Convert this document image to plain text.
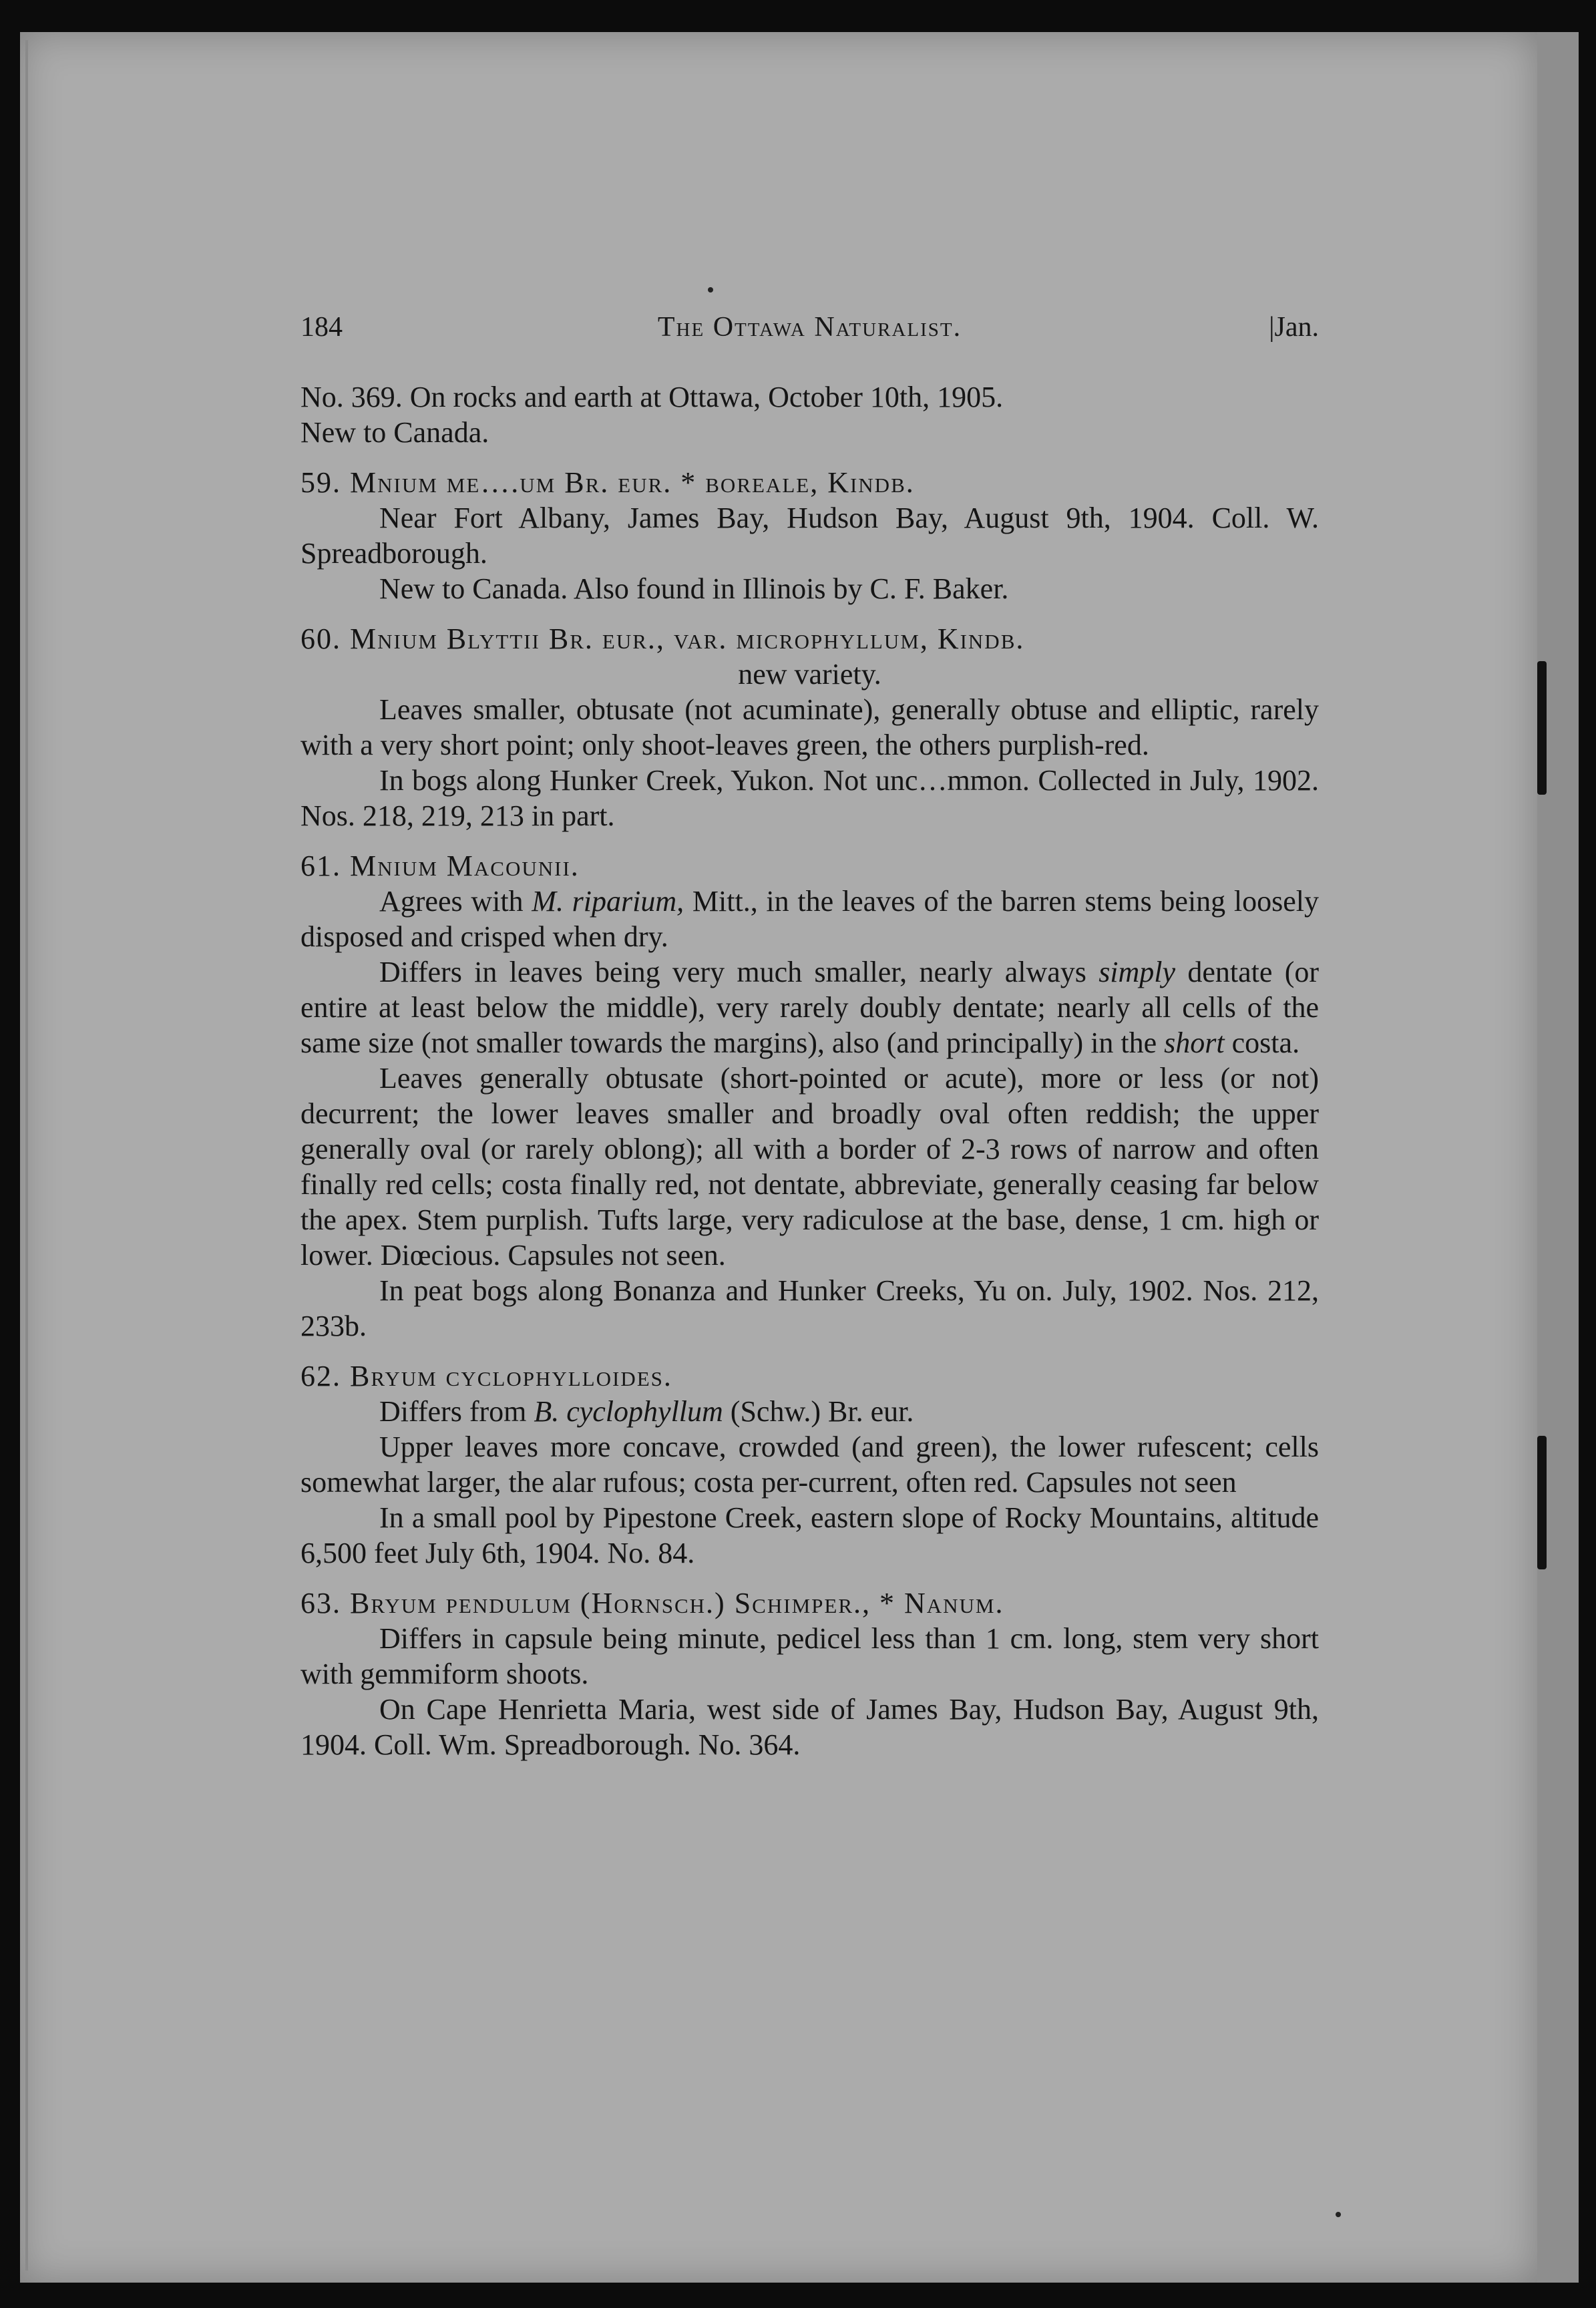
184	The Ottawa Naturalist.	|Jan.

No. 369. On rocks and earth at Ottawa, October 10th, 1905.

New to Canada.

59. Mnium me….um Br. eur. * boreale, Kindb.

Near Fort Albany, James Bay, Hudson Bay, August 9th, 1904. Coll. W. Spreadborough.

New to Canada. Also found in Illinois by C. F. Baker.

60. Mnium Blyttii Br. eur., var. microphyllum, Kindb.

new variety.

Leaves smaller, obtusate (not acuminate), generally obtuse and elliptic, rarely with a very short point; only shoot-leaves green, the others purplish-red.

In bogs along Hunker Creek, Yukon. Not unc…mmon. Collected in July, 1902. Nos. 218, 219, 213 in part.

61. Mnium Macounii.

Agrees with M. riparium, Mitt., in the leaves of the barren stems being loosely disposed and crisped when dry.

Differs in leaves being very much smaller, nearly always simply dentate (or entire at least below the middle), very rarely doubly dentate; nearly all cells of the same size (not smaller towards the margins), also (and principally) in the short costa.

Leaves generally obtusate (short-pointed or acute), more or less (or not) decurrent; the lower leaves smaller and broadly oval often reddish; the upper generally oval (or rarely oblong); all with a border of 2-3 rows of narrow and often finally red cells; costa finally red, not dentate, abbreviate, generally ceasing far below the apex. Stem purplish. Tufts large, very radiculose at the base, dense, 1 cm. high or lower. Diœcious. Capsules not seen.

In peat bogs along Bonanza and Hunker Creeks, Yu on. July, 1902. Nos. 212, 233b.

62. Bryum cyclophylloides.

Differs from B. cyclophyllum (Schw.) Br. eur.

Upper leaves more concave, crowded (and green), the lower rufescent; cells somewhat larger, the alar rufous; costa per-current, often red. Capsules not seen

In a small pool by Pipestone Creek, eastern slope of Rocky Mountains, altitude 6,500 feet July 6th, 1904. No. 84.

63. Bryum pendulum (Hornsch.) Schimper., * Nanum.

Differs in capsule being minute, pedicel less than 1 cm. long, stem very short with gemmiform shoots.

On Cape Henrietta Maria, west side of James Bay, Hudson Bay, August 9th, 1904. Coll. Wm. Spreadborough. No. 364.
